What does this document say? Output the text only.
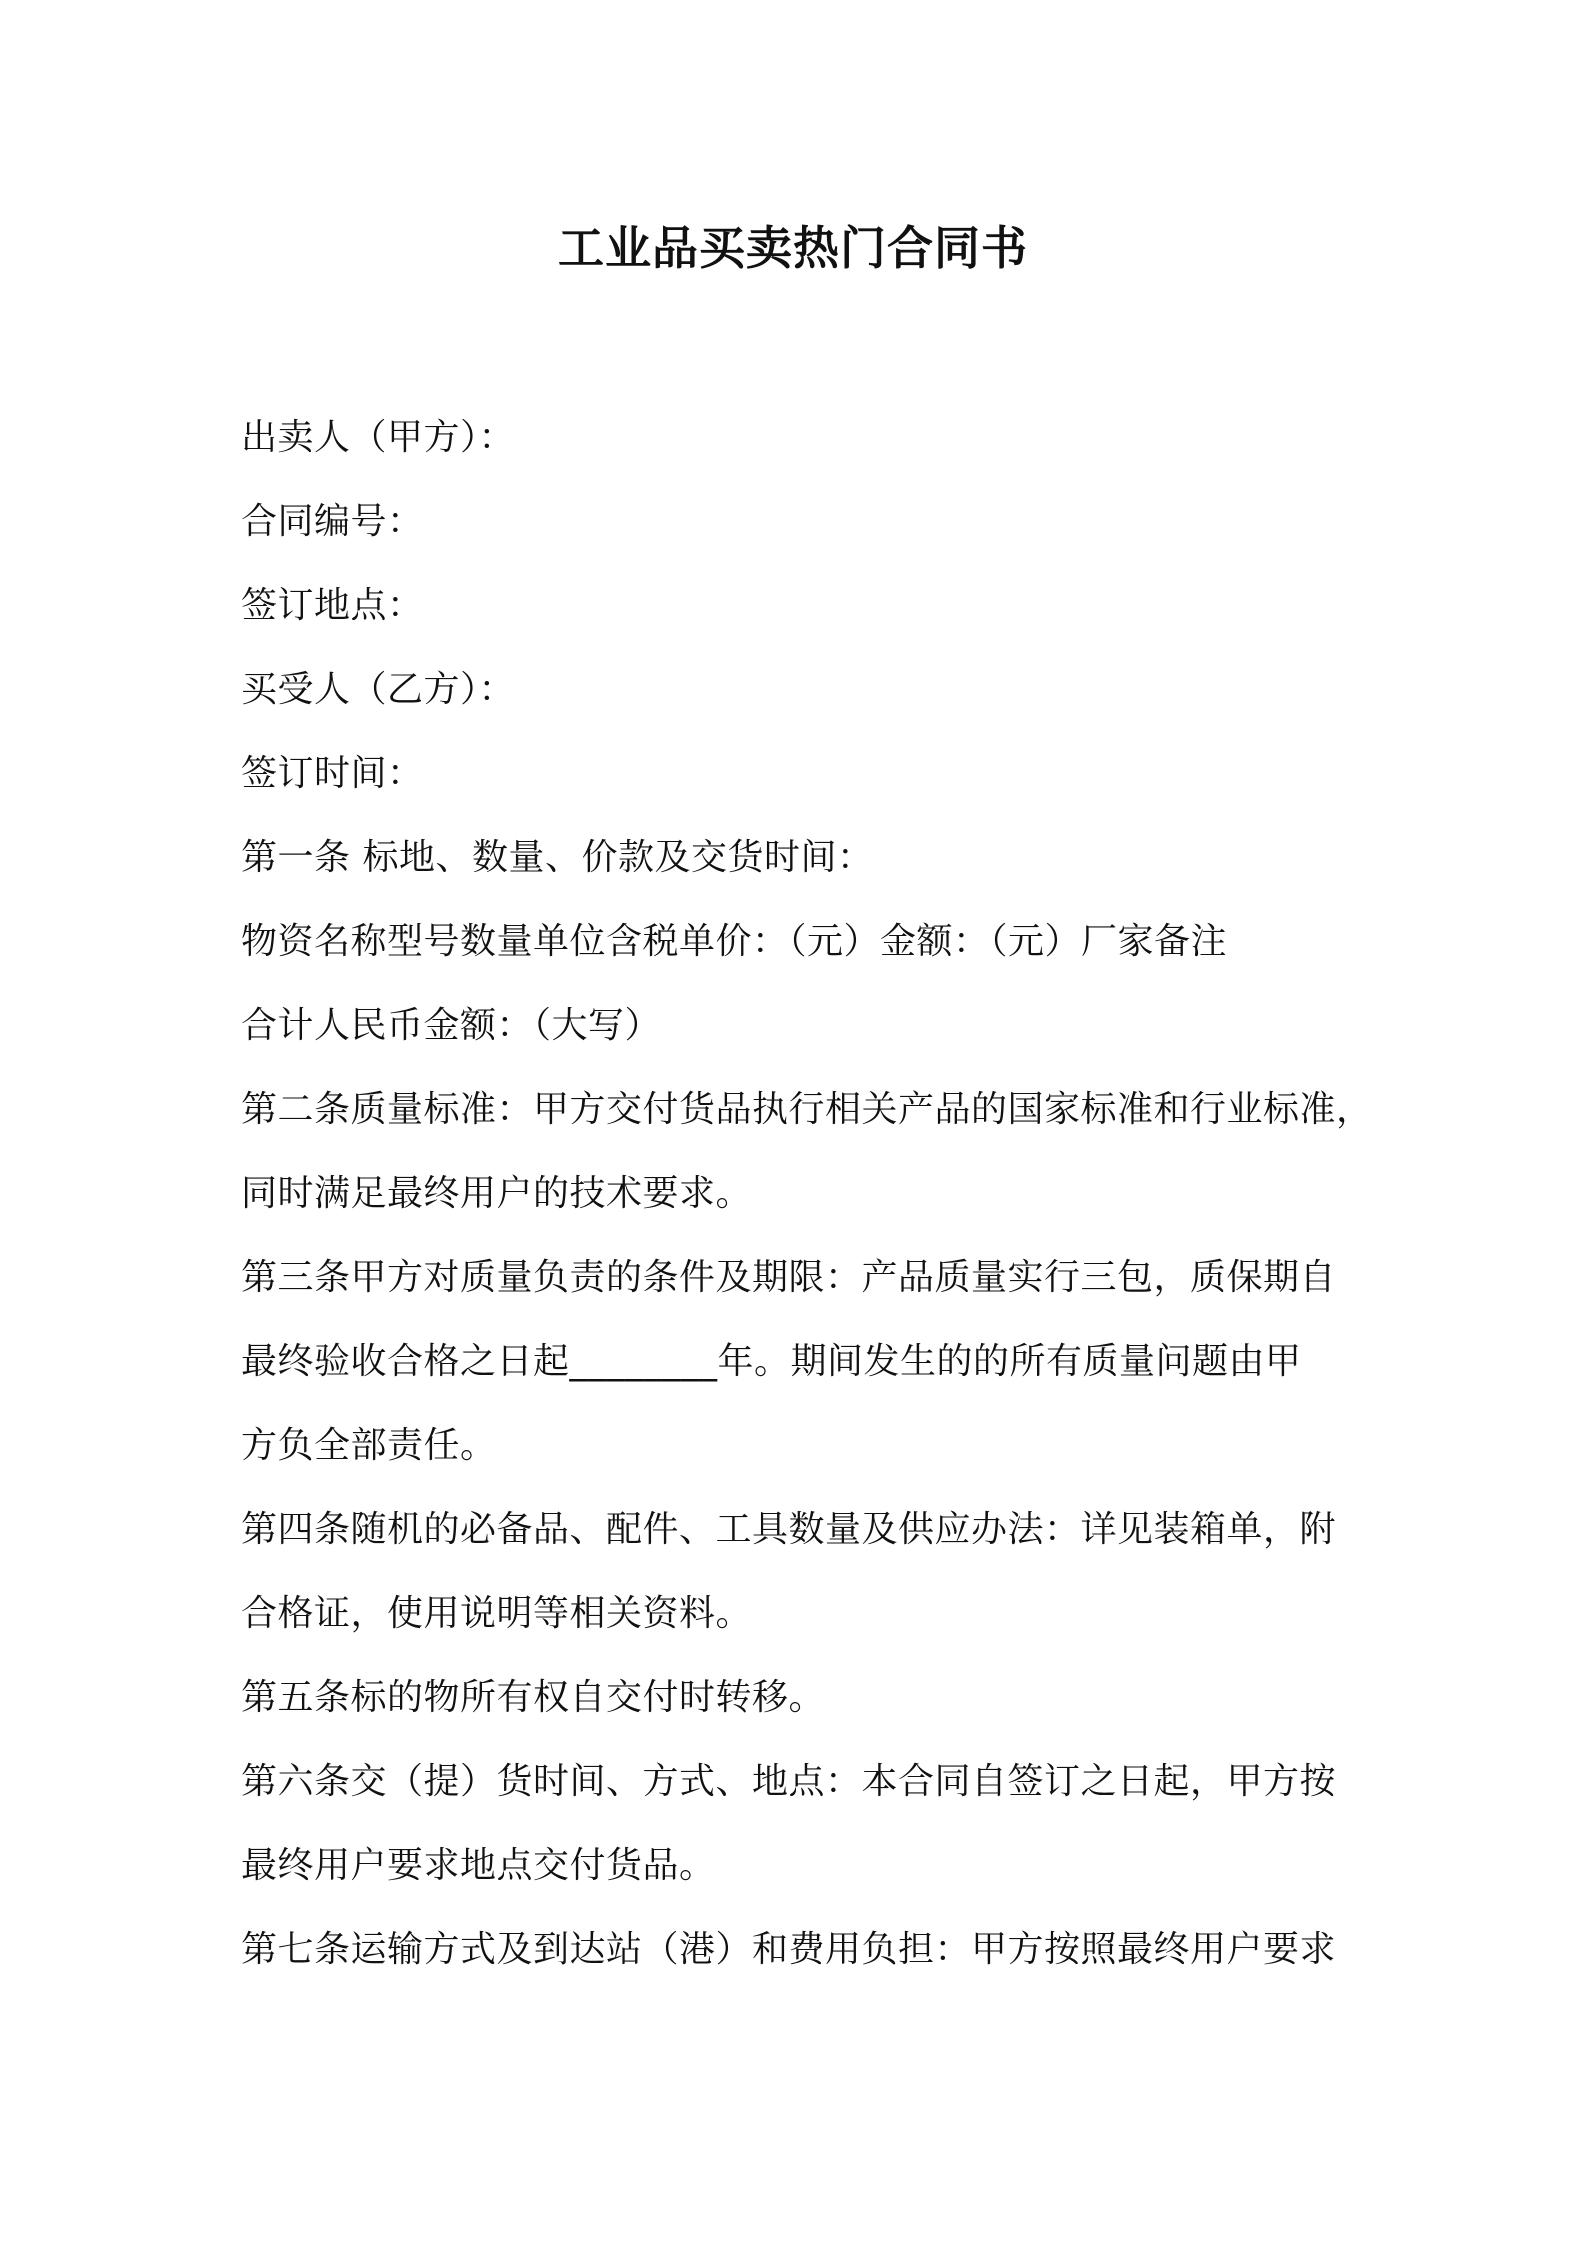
工业品买卖热门合同书
出卖人（甲方）：
合同编号：
签订地点：
买受人（乙方）：
签订时间：
第一条 标地、数量、价款及交货时间：
物资名称型号数量单位含税单价：（元）金额：（元）厂家备注
合计人民币金额：（大写）
第二条质量标准：甲方交付货品执行相关产品的国家标准和行业标准，
同时满足最终用户的技术要求。
第三条甲方对质量负责的条件及期限：产品质量实行三包，质保期自
最终验收合格之日起________年。期间发生的的所有质量问题由甲
方负全部责任。
第四条随机的必备品、配件、工具数量及供应办法：详见装箱单，附
合格证，使用说明等相关资料。
第五条标的物所有权自交付时转移。
第六条交（提）货时间、方式、地点：本合同自签订之日起，甲方按
最终用户要求地点交付货品。
第七条运输方式及到达站（港）和费用负担：甲方按照最终用户要求
